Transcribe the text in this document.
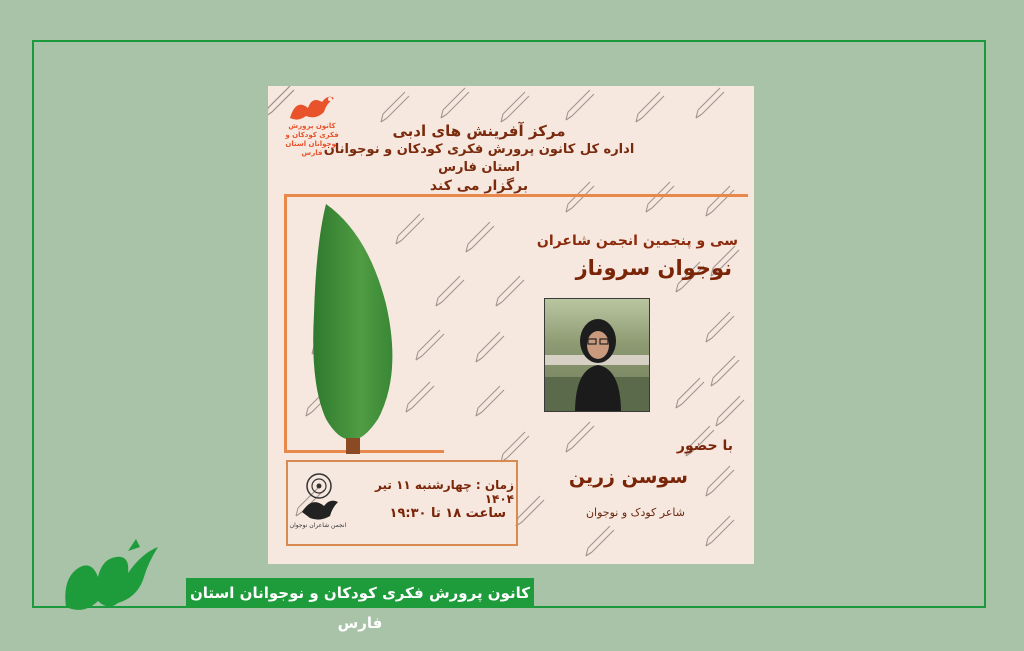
کانون پرورش فکری کودکان و نوجوانان استان فارس
مرکز آفرینش های ادبی
اداره کل کانون پرورش فکری کودکان و نوجوانان استان فارس
برگزار می کند
سی و پنجمین انجمن شاعران
نوجوان سروناز
با حضور
سوسن زرین
شاعر کودک و نوجوان
انجمن شاعران نوجوان
زمان : چهارشنبه ۱۱ تیر ۱۴۰۴
ساعت ۱۸ تا ۱۹:۳۰
کانون پرورش فکری کودکان و نوجوانان استان فارس
